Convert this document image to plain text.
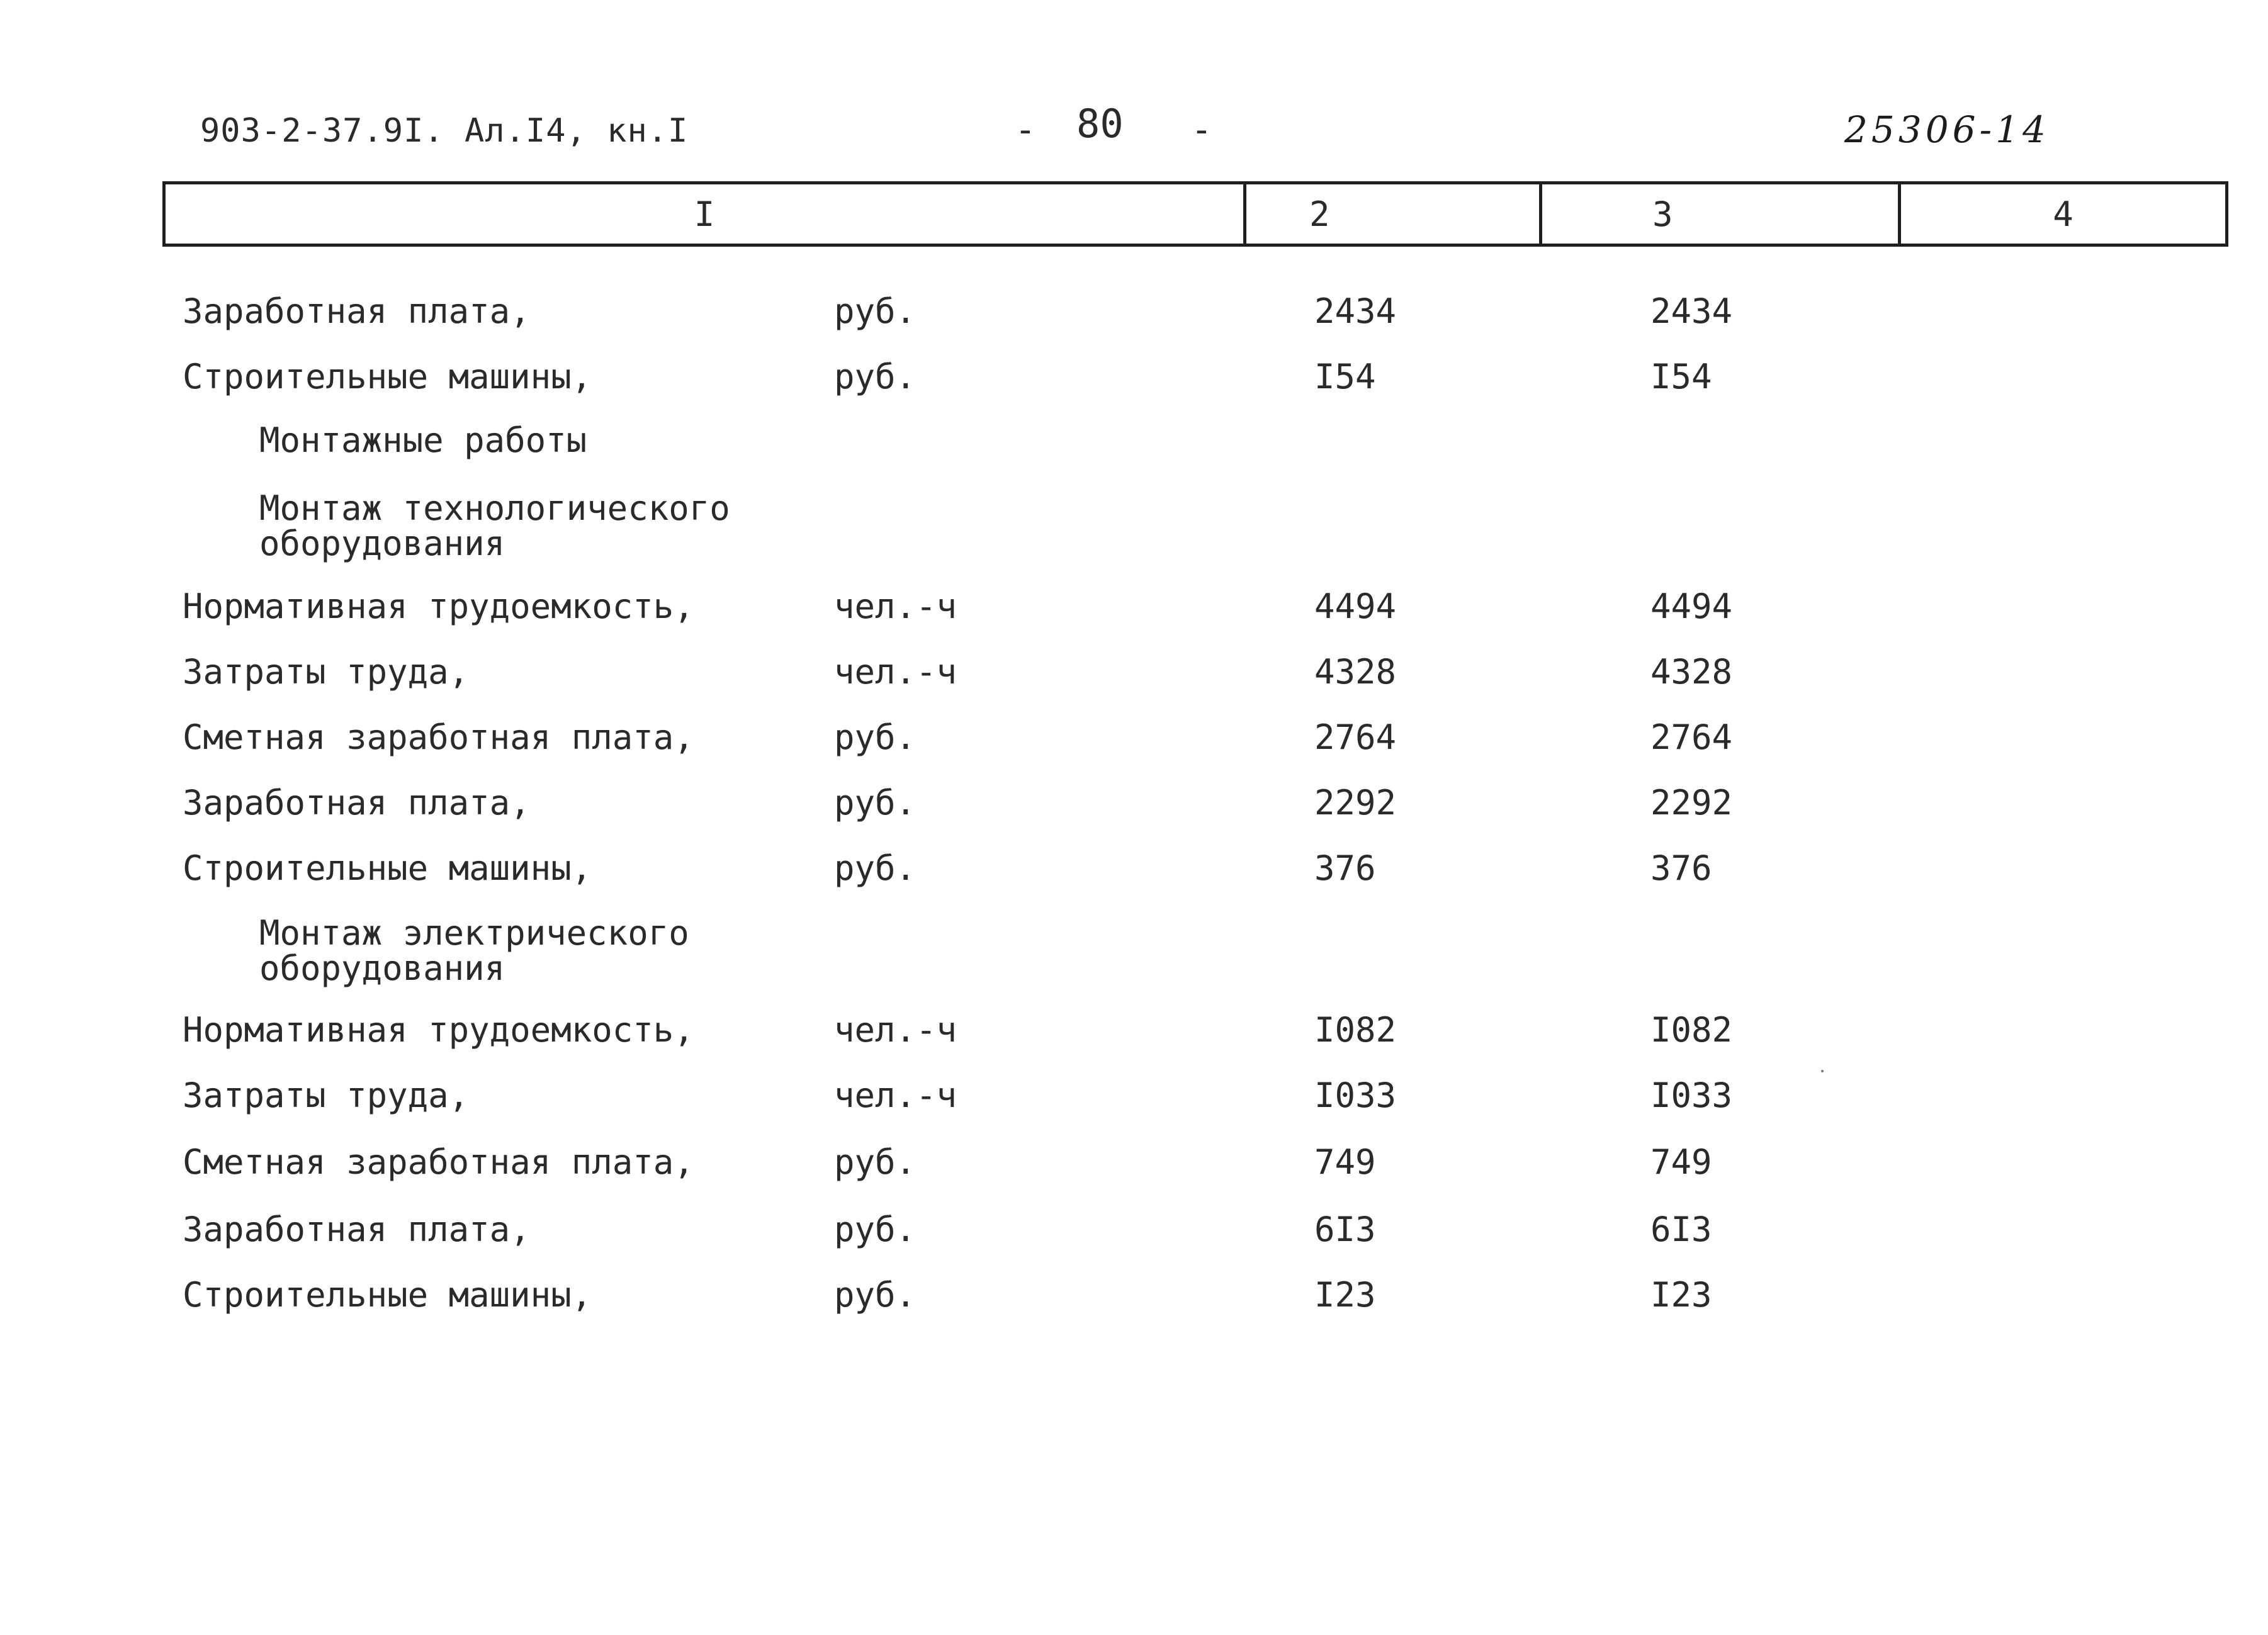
903-2-37.9I. Ал.I4, кн.I	- 80 -	25306-14
I	2	3	4
Заработная плата,	руб.	2434	2434
Строительные машины,	руб.	I54	I54
Монтажные работы
Монтаж технологического
оборудования
Нормативная трудоемкость,	чел.-ч	4494	4494
Затраты труда,	чел.-ч	4328	4328
Сметная заработная плата,	руб.	2764	2764
Заработная плата,	руб.	2292	2292
Строительные машины,	руб.	376	376
Монтаж электрического
оборудования
Нормативная трудоемкость,	чел.-ч	I082	I082
Затраты труда,	чел.-ч	I033	I033
Сметная заработная плата,	руб.	749	749
Заработная плата,	руб.	6I3	6I3
Строительные машины,	руб.	I23	I23
